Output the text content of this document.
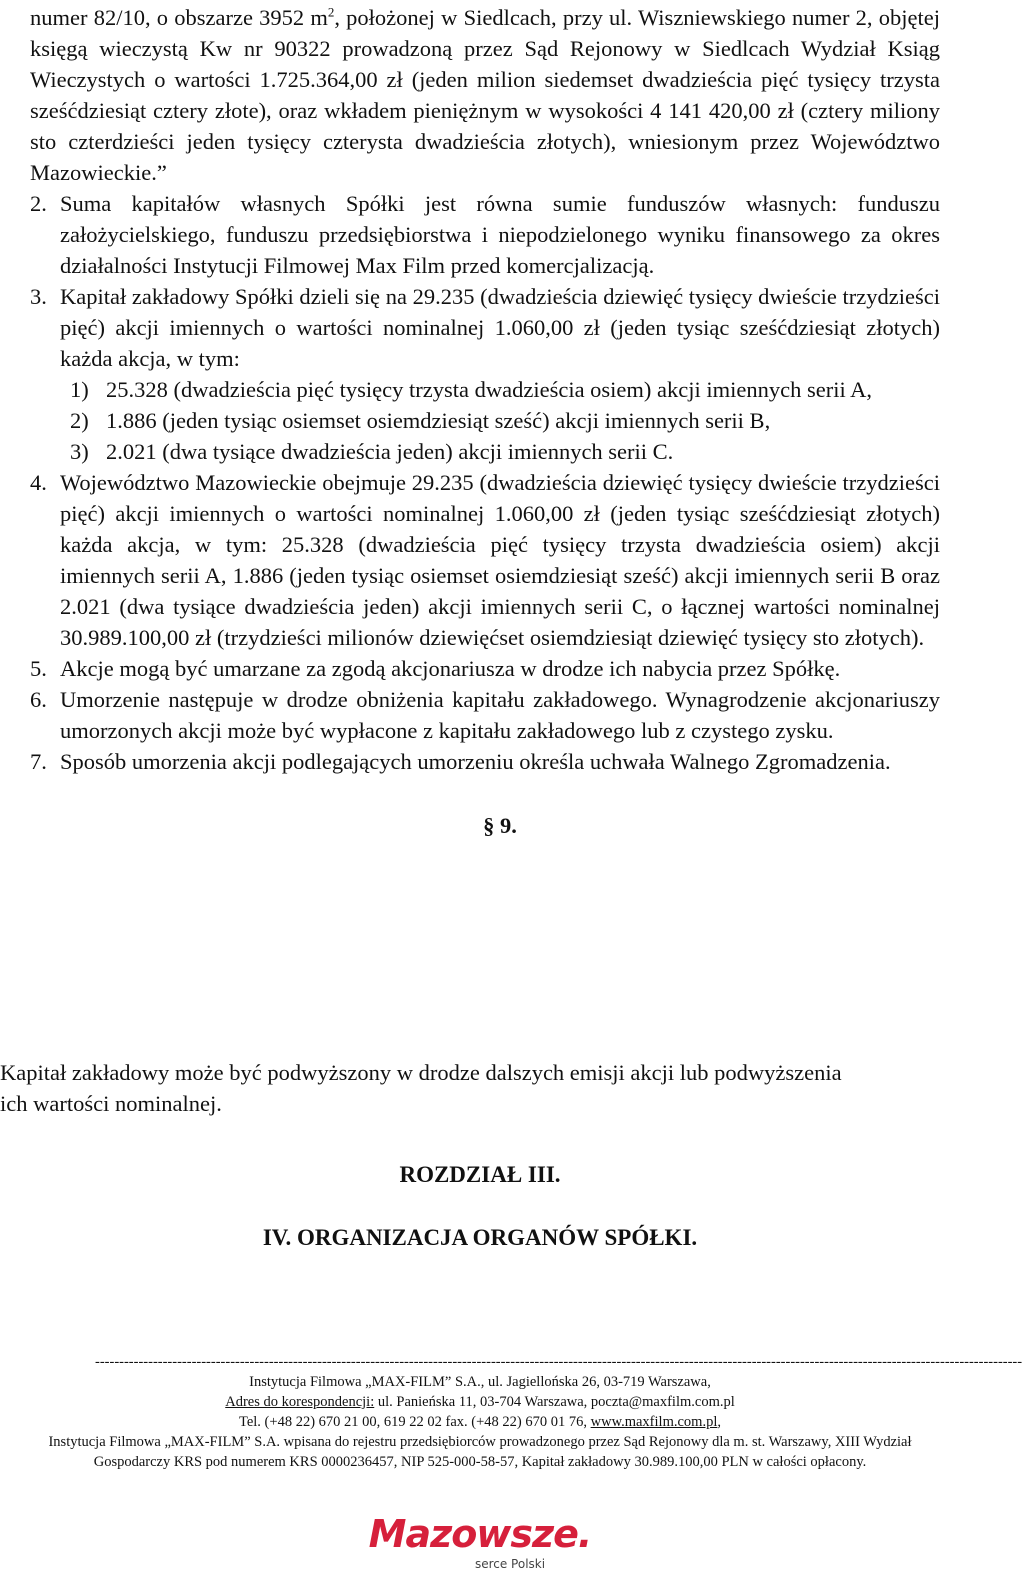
numer 82/10, o obszarze 3952 $m^2$, położonej w Siedlcach, przy ul. Wiszniewskiego numer 2, objętej księgą wieczystą Kw nr 90322 prowadzoną przez Sąd Rejonowy w Siedlcach Wydział Ksiąg Wieczystych o wartości 1.725.364,00 zł (jeden milion siedemset dwadzieścia pięć tysięcy trzysta sześćdziesiąt cztery złote), oraz wkładem pieniężnym w wysokości 4 141 420,00 zł (cztery miliony sto czterdzieści jeden tysięcy czterysta dwadzieścia złotych), wniesionym przez Województwo Mazowieckie.”

2. Suma kapitałów własnych Spółki jest równa sumie funduszów własnych: funduszu założycielskiego, funduszu przedsiębiorstwa i niepodzielonego wyniku finansowego za okres działalności Instytucji Filmowej Max Film przed komercjalizacją.
3. Kapitał zakładowy Spółki dzieli się na 29.235 (dwadzieścia dziewięć tysięcy dwieście trzydzieści pięć) akcji imiennych o wartości nominalnej 1.060,00 zł (jeden tysiąc sześćdziesiąt złotych) każda akcja, w tym:
1) 25.328 (dwadzieścia pięć tysięcy trzysta dwadzieścia osiem) akcji imiennych serii A,
2) 1.886 (jeden tysiąc osiemset osiemdziesiąt sześć) akcji imiennych serii B,
3) 2.021 (dwa tysiące dwadzieścia jeden) akcji imiennych serii C.
4. Województwo Mazowieckie obejmuje 29.235 (dwadzieścia dziewięć tysięcy dwieście trzydzieści pięć) akcji imiennych o wartości nominalnej 1.060,00 zł (jeden tysiąc sześćdziesiąt złotych) każda akcja, w tym: 25.328 (dwadzieścia pięć tysięcy trzysta dwadzieścia osiem) akcji imiennych serii A, 1.886 (jeden tysiąc osiemset osiemdziesiąt sześć) akcji imiennych serii B oraz 2.021 (dwa tysiące dwadzieścia jeden) akcji imiennych serii C, o łącznej wartości nominalnej 30.989.100,00 zł (trzydzieści milionów dziewięćset osiemdziesiąt dziewięć tysięcy sto złotych).
5. Akcje mogą być umarzane za zgodą akcjonariusza w drodze ich nabycia przez Spółkę.
6. Umorzenie następuje w drodze obniżenia kapitału zakładowego. Wynagrodzenie akcjonariuszy umorzonych akcji może być wypłacone z kapitału zakładowego lub z czystego zysku.
7. Sposób umorzenia akcji podlegających umorzeniu określa uchwała Walnego Zgromadzenia.
§ 9.
Kapitał zakładowy może być podwyższony w drodze dalszych emisji akcji lub podwyższenia ich wartości nominalnej.
ROZDZIAŁ III.
IV. ORGANIZACJA ORGANÓW SPÓŁKI.
------------------------------------------------------------------------------------------------------------------------------------------------------------------------------------------------
Instytucja Filmowa „MAX-FILM” S.A., ul. Jagiellońska 26, 03-719 Warszawa,
Adres do korespondencji: ul. Panieńska 11, 03-704 Warszawa, poczta@maxfilm.com.pl
Tel. (+48 22) 670 21 00, 619 22 02 fax. (+48 22) 670 01 76, www.maxfilm.com.pl,
Instytucja Filmowa „MAX-FILM” S.A. wpisana do rejestru przedsiębiorców prowadzonego przez Sąd Rejonowy dla m. st. Warszawy, XIII Wydział Gospodarczy KRS pod numerem KRS 0000236457, NIP 525-000-58-57, Kapitał zakładowy 30.989.100,00 PLN w całości opłacony.
Mazowsze.
serce Polski
